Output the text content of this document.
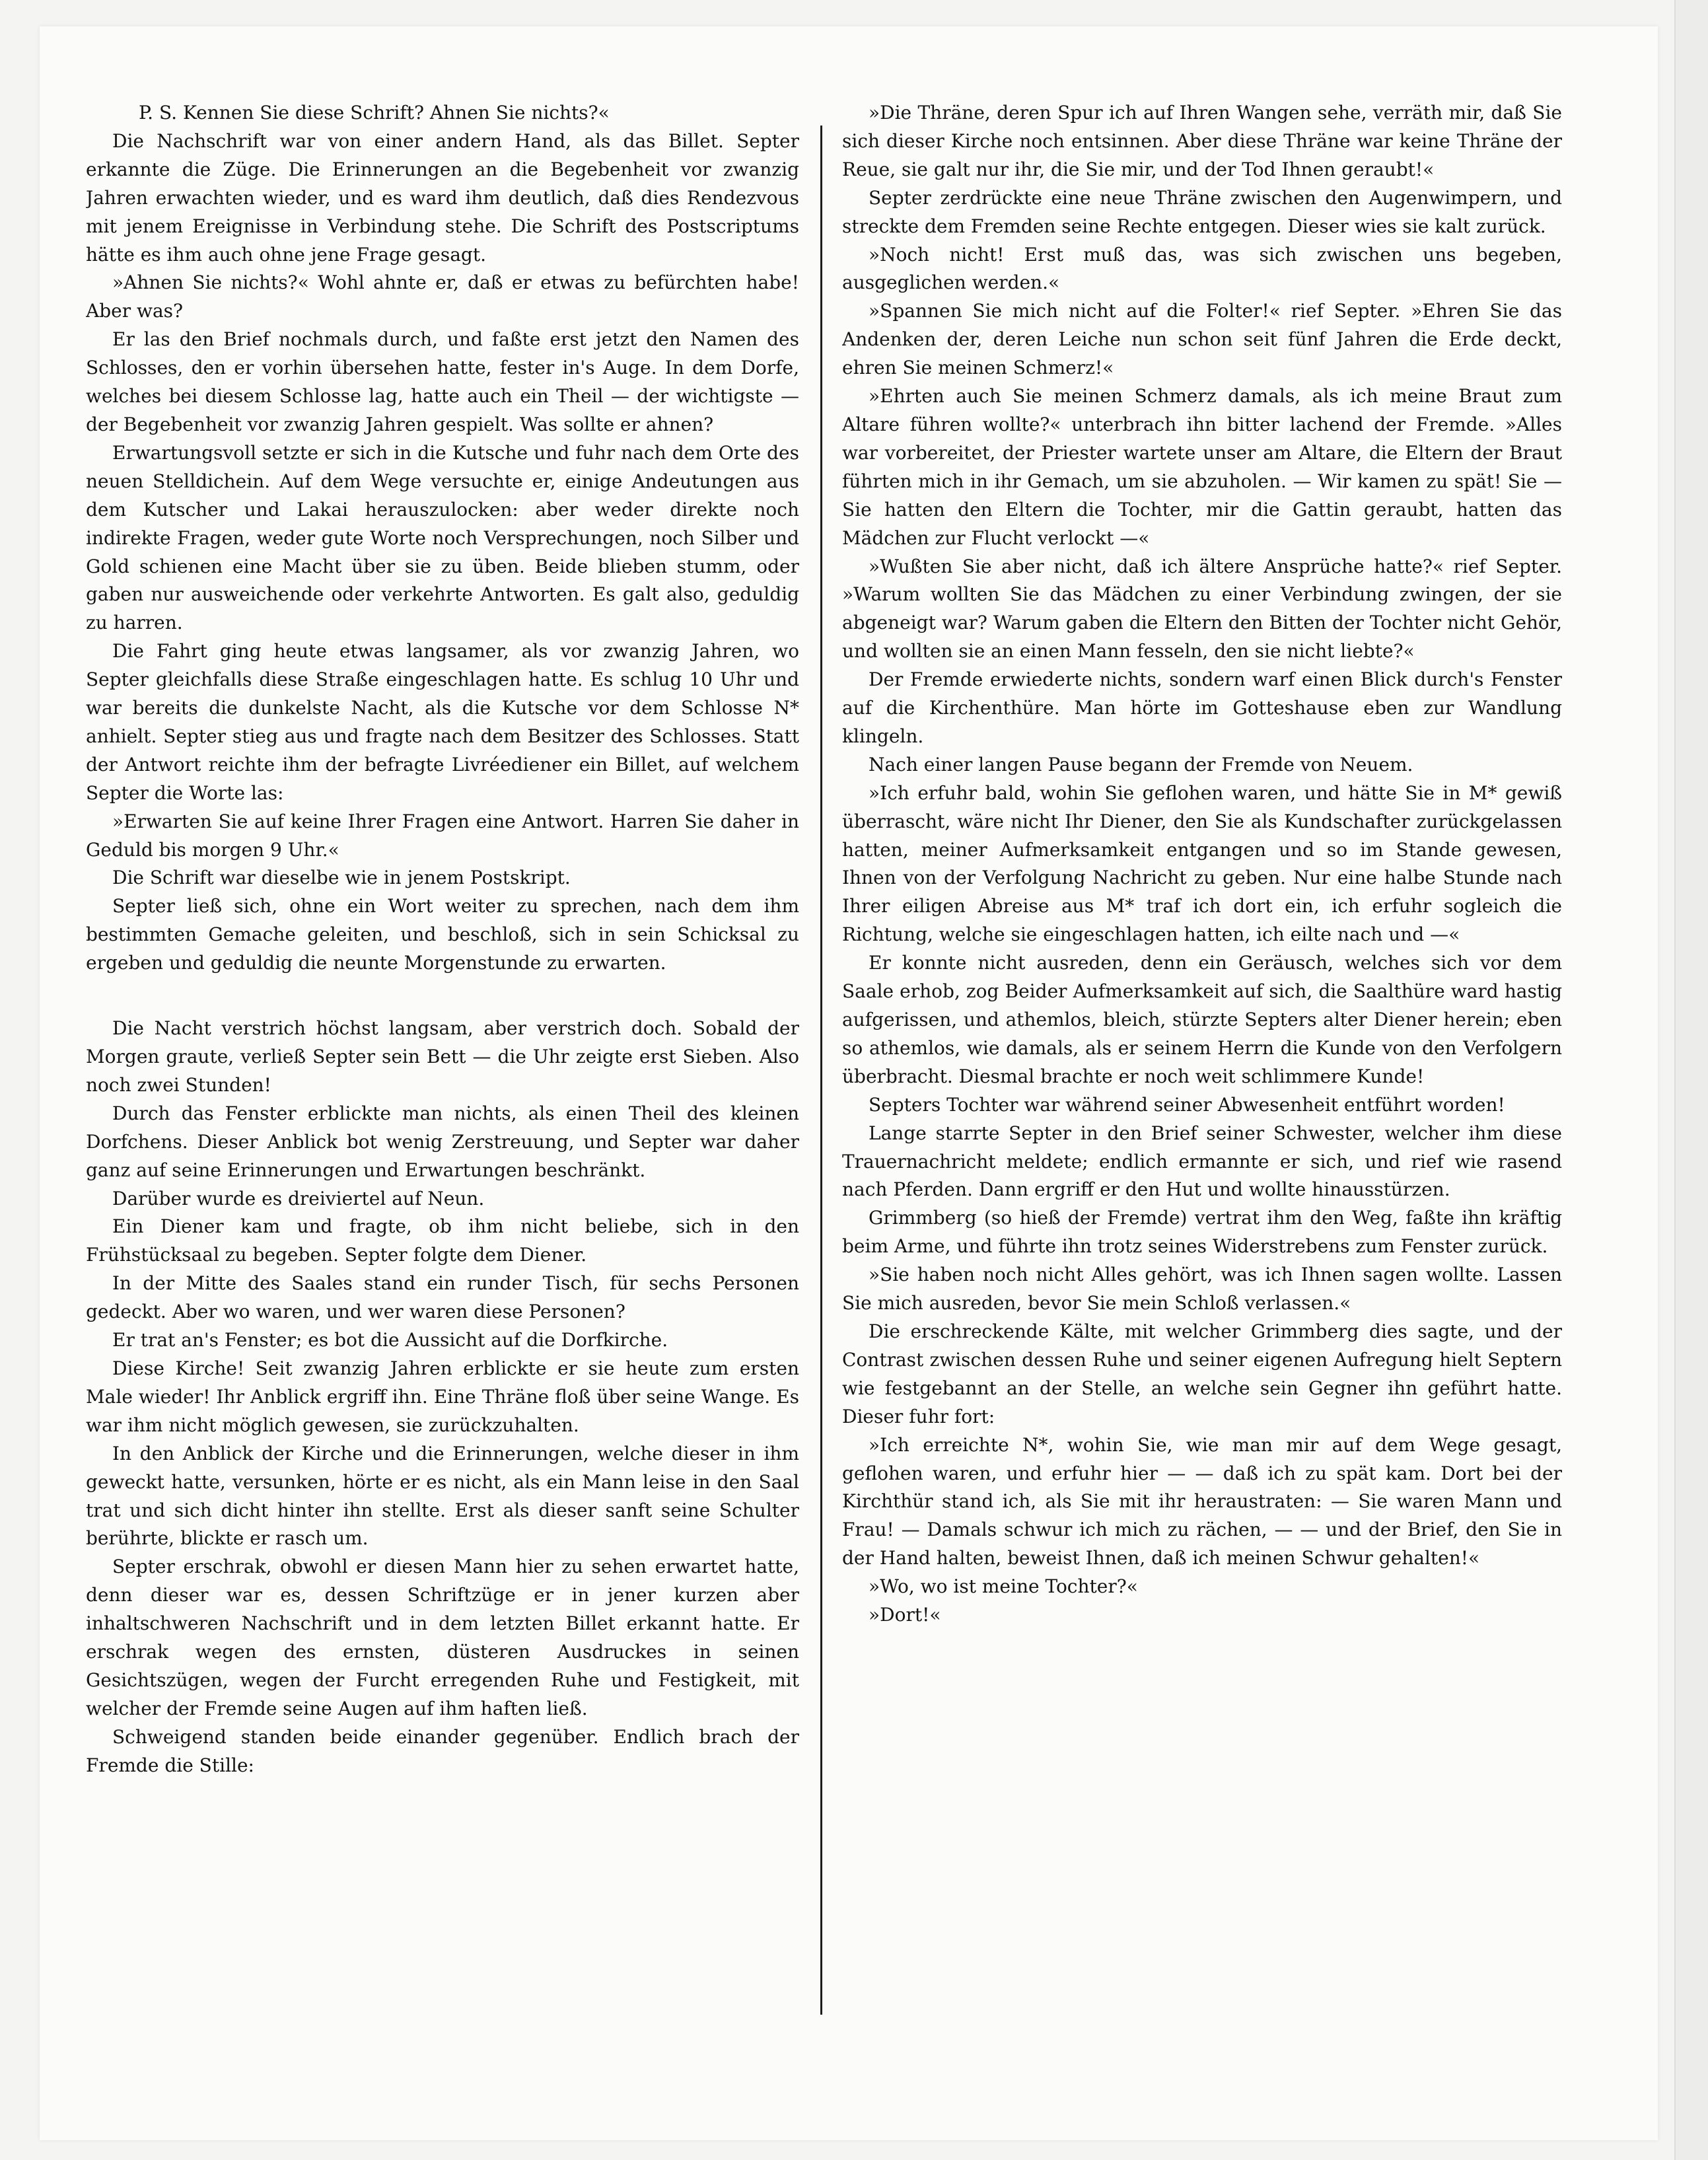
P. S. Kennen Sie diese Schrift? Ahnen Sie nichts?«

Die Nachschrift war von einer andern Hand, als das Billet. Septer erkannte die Züge. Die Erinnerungen an die Begebenheit vor zwanzig Jahren erwachten wieder, und es ward ihm deutlich, daß dies Rendezvous mit jenem Ereignisse in Verbindung stehe. Die Schrift des Postscriptums hätte es ihm auch ohne jene Frage gesagt.

»Ahnen Sie nichts?« Wohl ahnte er, daß er etwas zu befürchten habe! Aber was?

Er las den Brief nochmals durch, und faßte erst jetzt den Namen des Schlosses, den er vorhin übersehen hatte, fester in's Auge. In dem Dorfe, welches bei diesem Schlosse lag, hatte auch ein Theil — der wichtigste — der Begebenheit vor zwanzig Jahren gespielt. Was sollte er ahnen?

Erwartungsvoll setzte er sich in die Kutsche und fuhr nach dem Orte des neuen Stelldichein. Auf dem Wege versuchte er, einige Andeutungen aus dem Kutscher und Lakai herauszulocken: aber weder direkte noch indirekte Fragen, weder gute Worte noch Versprechungen, noch Silber und Gold schienen eine Macht über sie zu üben. Beide blieben stumm, oder gaben nur ausweichende oder verkehrte Antworten. Es galt also, geduldig zu harren.

Die Fahrt ging heute etwas langsamer, als vor zwanzig Jahren, wo Septer gleichfalls diese Straße eingeschlagen hatte. Es schlug 10 Uhr und war bereits die dunkelste Nacht, als die Kutsche vor dem Schlosse N* anhielt. Septer stieg aus und fragte nach dem Besitzer des Schlosses. Statt der Antwort reichte ihm der befragte Livréediener ein Billet, auf welchem Septer die Worte las:

»Erwarten Sie auf keine Ihrer Fragen eine Antwort. Harren Sie daher in Geduld bis morgen 9 Uhr.«

Die Schrift war dieselbe wie in jenem Postskript.

Septer ließ sich, ohne ein Wort weiter zu sprechen, nach dem ihm bestimmten Gemache geleiten, und beschloß, sich in sein Schicksal zu ergeben und geduldig die neunte Morgenstunde zu erwarten.

Die Nacht verstrich höchst langsam, aber verstrich doch. Sobald der Morgen graute, verließ Septer sein Bett — die Uhr zeigte erst Sieben. Also noch zwei Stunden!

Durch das Fenster erblickte man nichts, als einen Theil des kleinen Dorfchens. Dieser Anblick bot wenig Zerstreuung, und Septer war daher ganz auf seine Erinnerungen und Erwartungen beschränkt.

Darüber wurde es dreiviertel auf Neun.

Ein Diener kam und fragte, ob ihm nicht beliebe, sich in den Frühstücksaal zu begeben. Septer folgte dem Diener.

In der Mitte des Saales stand ein runder Tisch, für sechs Personen gedeckt. Aber wo waren, und wer waren diese Personen?

Er trat an's Fenster; es bot die Aussicht auf die Dorfkirche.

Diese Kirche! Seit zwanzig Jahren erblickte er sie heute zum ersten Male wieder! Ihr Anblick ergriff ihn. Eine Thräne floß über seine Wange. Es war ihm nicht möglich gewesen, sie zurückzuhalten.

In den Anblick der Kirche und die Erinnerungen, welche dieser in ihm geweckt hatte, versunken, hörte er es nicht, als ein Mann leise in den Saal trat und sich dicht hinter ihn stellte. Erst als dieser sanft seine Schulter berührte, blickte er rasch um.

Septer erschrak, obwohl er diesen Mann hier zu sehen erwartet hatte, denn dieser war es, dessen Schriftzüge er in jener kurzen aber inhaltschweren Nachschrift und in dem letzten Billet erkannt hatte. Er erschrak wegen des ernsten, düsteren Ausdruckes in seinen Gesichtszügen, wegen der Furcht erregenden Ruhe und Festigkeit, mit welcher der Fremde seine Augen auf ihm haften ließ.

Schweigend standen beide einander gegenüber. Endlich brach der Fremde die Stille:

»Die Thräne, deren Spur ich auf Ihren Wangen sehe, verräth mir, daß Sie sich dieser Kirche noch entsinnen. Aber diese Thräne war keine Thräne der Reue, sie galt nur ihr, die Sie mir, und der Tod Ihnen geraubt!«

Septer zerdrückte eine neue Thräne zwischen den Augenwimpern, und streckte dem Fremden seine Rechte entgegen. Dieser wies sie kalt zurück.

»Noch nicht! Erst muß das, was sich zwischen uns begeben, ausgeglichen werden.«

»Spannen Sie mich nicht auf die Folter!« rief Septer. »Ehren Sie das Andenken der, deren Leiche nun schon seit fünf Jahren die Erde deckt, ehren Sie meinen Schmerz!«

»Ehrten auch Sie meinen Schmerz damals, als ich meine Braut zum Altare führen wollte?« unterbrach ihn bitter lachend der Fremde. »Alles war vorbereitet, der Priester wartete unser am Altare, die Eltern der Braut führten mich in ihr Gemach, um sie abzuholen. — Wir kamen zu spät! Sie — Sie hatten den Eltern die Tochter, mir die Gattin geraubt, hatten das Mädchen zur Flucht verlockt —«

»Wußten Sie aber nicht, daß ich ältere Ansprüche hatte?« rief Septer. »Warum wollten Sie das Mädchen zu einer Verbindung zwingen, der sie abgeneigt war? Warum gaben die Eltern den Bitten der Tochter nicht Gehör, und wollten sie an einen Mann fesseln, den sie nicht liebte?«

Der Fremde erwiederte nichts, sondern warf einen Blick durch's Fenster auf die Kirchenthüre. Man hörte im Gotteshause eben zur Wandlung klingeln.

Nach einer langen Pause begann der Fremde von Neuem.

»Ich erfuhr bald, wohin Sie geflohen waren, und hätte Sie in M* gewiß überrascht, wäre nicht Ihr Diener, den Sie als Kundschafter zurückgelassen hatten, meiner Aufmerksamkeit entgangen und so im Stande gewesen, Ihnen von der Verfolgung Nachricht zu geben. Nur eine halbe Stunde nach Ihrer eiligen Abreise aus M* traf ich dort ein, ich erfuhr sogleich die Richtung, welche sie eingeschlagen hatten, ich eilte nach und —«

Er konnte nicht ausreden, denn ein Geräusch, welches sich vor dem Saale erhob, zog Beider Aufmerksamkeit auf sich, die Saalthüre ward hastig aufgerissen, und athemlos, bleich, stürzte Septers alter Diener herein; eben so athemlos, wie damals, als er seinem Herrn die Kunde von den Verfolgern überbracht. Diesmal brachte er noch weit schlimmere Kunde!

Septers Tochter war während seiner Abwesenheit entführt worden!

Lange starrte Septer in den Brief seiner Schwester, welcher ihm diese Trauernachricht meldete; endlich ermannte er sich, und rief wie rasend nach Pferden. Dann ergriff er den Hut und wollte hinausstürzen.

Grimmberg (so hieß der Fremde) vertrat ihm den Weg, faßte ihn kräftig beim Arme, und führte ihn trotz seines Widerstrebens zum Fenster zurück.

»Sie haben noch nicht Alles gehört, was ich Ihnen sagen wollte. Lassen Sie mich ausreden, bevor Sie mein Schloß verlassen.«

Die erschreckende Kälte, mit welcher Grimmberg dies sagte, und der Contrast zwischen dessen Ruhe und seiner eigenen Aufregung hielt Septern wie festgebannt an der Stelle, an welche sein Gegner ihn geführt hatte. Dieser fuhr fort:

»Ich erreichte N*, wohin Sie, wie man mir auf dem Wege gesagt, geflohen waren, und erfuhr hier — — daß ich zu spät kam. Dort bei der Kirchthür stand ich, als Sie mit ihr heraustraten: — Sie waren Mann und Frau! — Damals schwur ich mich zu rächen, — — und der Brief, den Sie in der Hand halten, beweist Ihnen, daß ich meinen Schwur gehalten!«

»Wo, wo ist meine Tochter?«

»Dort!«
